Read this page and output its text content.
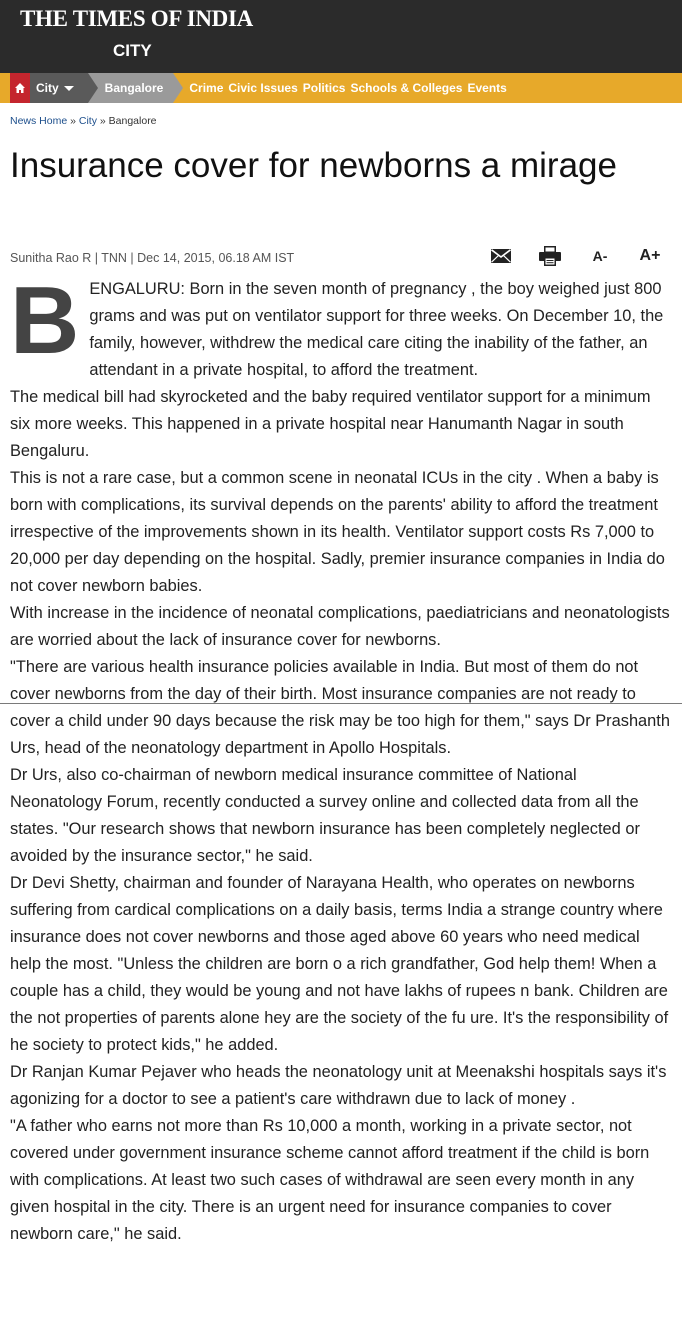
THE TIMES OF INDIA
CITY
City	Bangalore Crime Civic Issues Politics Schools & Colleges Events
News Home » City » Bangalore
Insurance cover for newborns a mirage
Sunitha Rao R | TNN | Dec 14, 2015, 06.18 AM IST	A- A+

BENGALURU: Born in the seven month of pregnancy , the boy weighed just 800 grams and was put on ventilator support for three weeks. On December 10, the family, however, withdrew the medical care citing the inability of the father, an attendant in a private hospital, to afford the treatment.

The medical bill had skyrocketed and the baby required ventilator support for a minimum six more weeks. This happened in a private hospital near Hanumanth Nagar in south Bengaluru.

This is not a rare case, but a common scene in neonatal ICUs in the city . When a baby is born with complications, its survival depends on the parents' ability to afford the treatment irrespective of the improvements shown in its health. Ventilator support costs Rs 7,000 to 20,000 per day depending on the hospital. Sadly, premier insurance companies in India do not cover newborn babies.

With increase in the incidence of neonatal complications, paediatricians and neonatologists are worried about the lack of insurance cover for newborns.

"There are various health insurance policies available in India. But most of them do not cover newborns from the day of their birth. Most insurance companies are not ready to cover a child under 90 days because the risk may be too high for them," says Dr Prashanth Urs, head of the neonatology department in Apollo Hospitals.

Dr Urs, also co-chairman of newborn medical insurance committee of National Neonatology Forum, recently conducted a survey online and collected data from all the states. "Our research shows that newborn insurance has been completely neglected or avoided by the insurance sector," he said.

Dr Devi Shetty, chairman and founder of Narayana Health, who operates on newborns suffering from cardical complications on a daily basis, terms India a strange country where insurance does not cover newborns and those aged above 60 years who need medical help the most. "Unless the children are born o a rich grandfather, God help them! When a couple has a child, they would be young and not have lakhs of rupees n bank. Children are the not properties of parents alone hey are the society of the fu ure. It's the responsibility of he society to protect kids," he added.

Dr Ranjan Kumar Pejaver who heads the neonatology unit at Meenakshi hospitals says it's agonizing for a doctor to see a patient's care withdrawn due to lack of money .

"A father who earns not more than Rs 10,000 a month, working in a private sector, not covered under government insurance scheme cannot afford treatment if the child is born with complications. At least two such cases of withdrawal are seen every month in any given hospital in the city. There is an urgent need for insurance companies to cover newborn care," he said.
